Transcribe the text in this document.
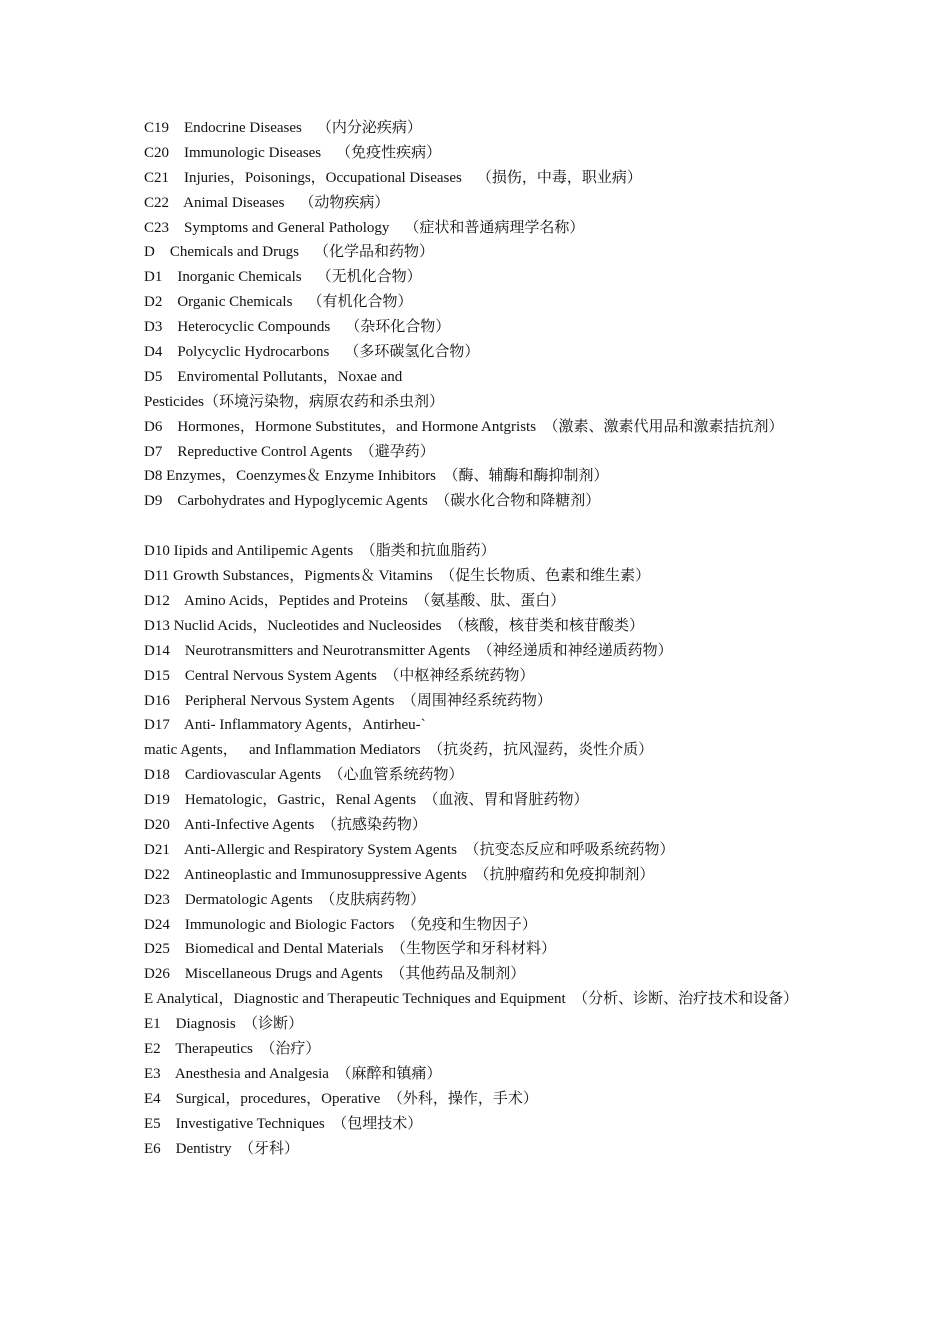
C19    Endocrine Diseases    （内分泌疾病）
C20    Immunologic Diseases    （免疫性疾病）
C21    Injuries，Poisonings，Occupational Diseases    （损伤，中毒，职业病）
C22    Animal Diseases    （动物疾病）
C23    Symptoms and General Pathology    （症状和普通病理学名称）
D    Chemicals and Drugs    （化学品和药物）
D1    Inorganic Chemicals    （无机化合物）
D2    Organic Chemicals    （有机化合物）
D3    Heterocyclic Compounds    （杂环化合物）
D4    Polycyclic Hydrocarbons    （多环碳氢化合物）
D5    Enviromental Pollutants，Noxae and
Pesticides（环境污染物，病原农药和杀虫剂）
D6    Hormones，Hormone Substitutes，and Hormone Antgrists  （激素、激素代用品和激素拮抗剂）
D7    Repreductive Control Agents  （避孕药）
D8 Enzymes，Coenzymes＆ Enzyme Inhibitors  （酶、辅酶和酶抑制剂）
D9    Carbohydrates and Hypoglycemic Agents  （碳水化合物和降糖剂）
D10 Iipids and Antilipemic Agents  （脂类和抗血脂药）
D11 Growth Substances，Pigments＆ Vitamins  （促生长物质、色素和维生素）
D12    Amino Acids，Peptides and Proteins  （氨基酸、肽、蛋白）
D13 Nuclid Acids，Nucleotides and Nucleosides  （核酸，核苷类和核苷酸类）
D14    Neurotransmitters and Neurotransmitter Agents  （神经递质和神经递质药物）
D15    Central Nervous System Agents  （中枢神经系统药物）
D16    Peripheral Nervous System Agents  （周围神经系统药物）
D17    Anti- Inflammatory Agents，Antirheu-`
matic Agents，   and Inflammation Mediators  （抗炎药，抗风湿药，炎性介质）
D18    Cardiovascular Agents  （心血管系统药物）
D19    Hematologic，Gastric，Renal Agents  （血液、胃和肾脏药物）
D20    Anti-Infective Agents  （抗感染药物）
D21    Anti-Allergic and Respiratory System Agents  （抗变态反应和呼吸系统药物）
D22    Antineoplastic and Immunosuppressive Agents  （抗肿瘤药和免疫抑制剂）
D23    Dermatologic Agents  （皮肤病药物）
D24    Immunologic and Biologic Factors  （免疫和生物因子）
D25    Biomedical and Dental Materials  （生物医学和牙科材料）
D26    Miscellaneous Drugs and Agents  （其他药品及制剂）
E Analytical，Diagnostic and Therapeutic Techniques and Equipment  （分析、诊断、治疗技术和设备）
E1    Diagnosis  （诊断）
E2    Therapeutics  （治疗）
E3    Anesthesia and Analgesia  （麻醉和镇痛）
E4    Surgical，procedures，Operative  （外科，操作，手术）
E5    Investigative Techniques  （包埋技术）
E6    Dentistry  （牙科）
